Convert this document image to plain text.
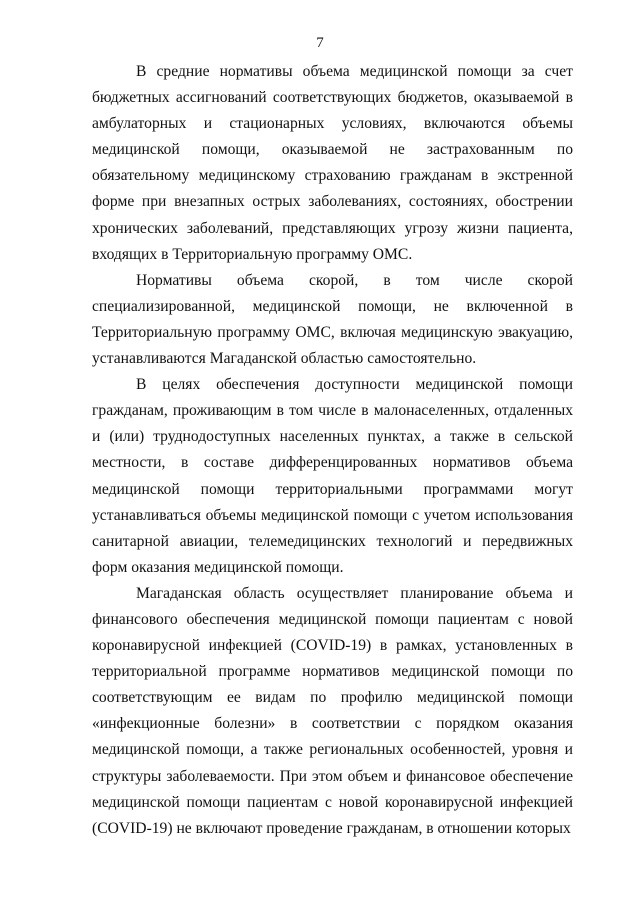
7

В средние нормативы объема медицинской помощи за счет бюджетных ассигнований соответствующих бюджетов, оказываемой в амбулаторных и стационарных условиях, включаются объемы медицинской помощи, оказываемой не застрахованным по обязательному медицинскому страхованию гражданам в экстренной форме при внезапных острых заболеваниях, состояниях, обострении хронических заболеваний, представляющих угрозу жизни пациента, входящих в Территориальную программу ОМС.

Нормативы объема скорой, в том числе скорой специализированной, медицинской помощи, не включенной в Территориальную программу ОМС, включая медицинскую эвакуацию, устанавливаются Магаданской областью самостоятельно.

В целях обеспечения доступности медицинской помощи гражданам, проживающим в том числе в малонаселенных, отдаленных и (или) труднодоступных населенных пунктах, а также в сельской местности, в составе дифференцированных нормативов объема медицинской помощи территориальными программами могут устанавливаться объемы медицинской помощи с учетом использования санитарной авиации, телемедицинских технологий и передвижных форм оказания медицинской помощи.

Магаданская область осуществляет планирование объема и финансового обеспечения медицинской помощи пациентам с новой коронавирусной инфекцией (COVID-19) в рамках, установленных в территориальной программе нормативов медицинской помощи по соответствующим ее видам по профилю медицинской помощи «инфекционные болезни» в соответствии с порядком оказания медицинской помощи, а также региональных особенностей, уровня и структуры заболеваемости. При этом объем и финансовое обеспечение медицинской помощи пациентам с новой коронавирусной инфекцией (COVID-19) не включают проведение гражданам, в отношении которых
